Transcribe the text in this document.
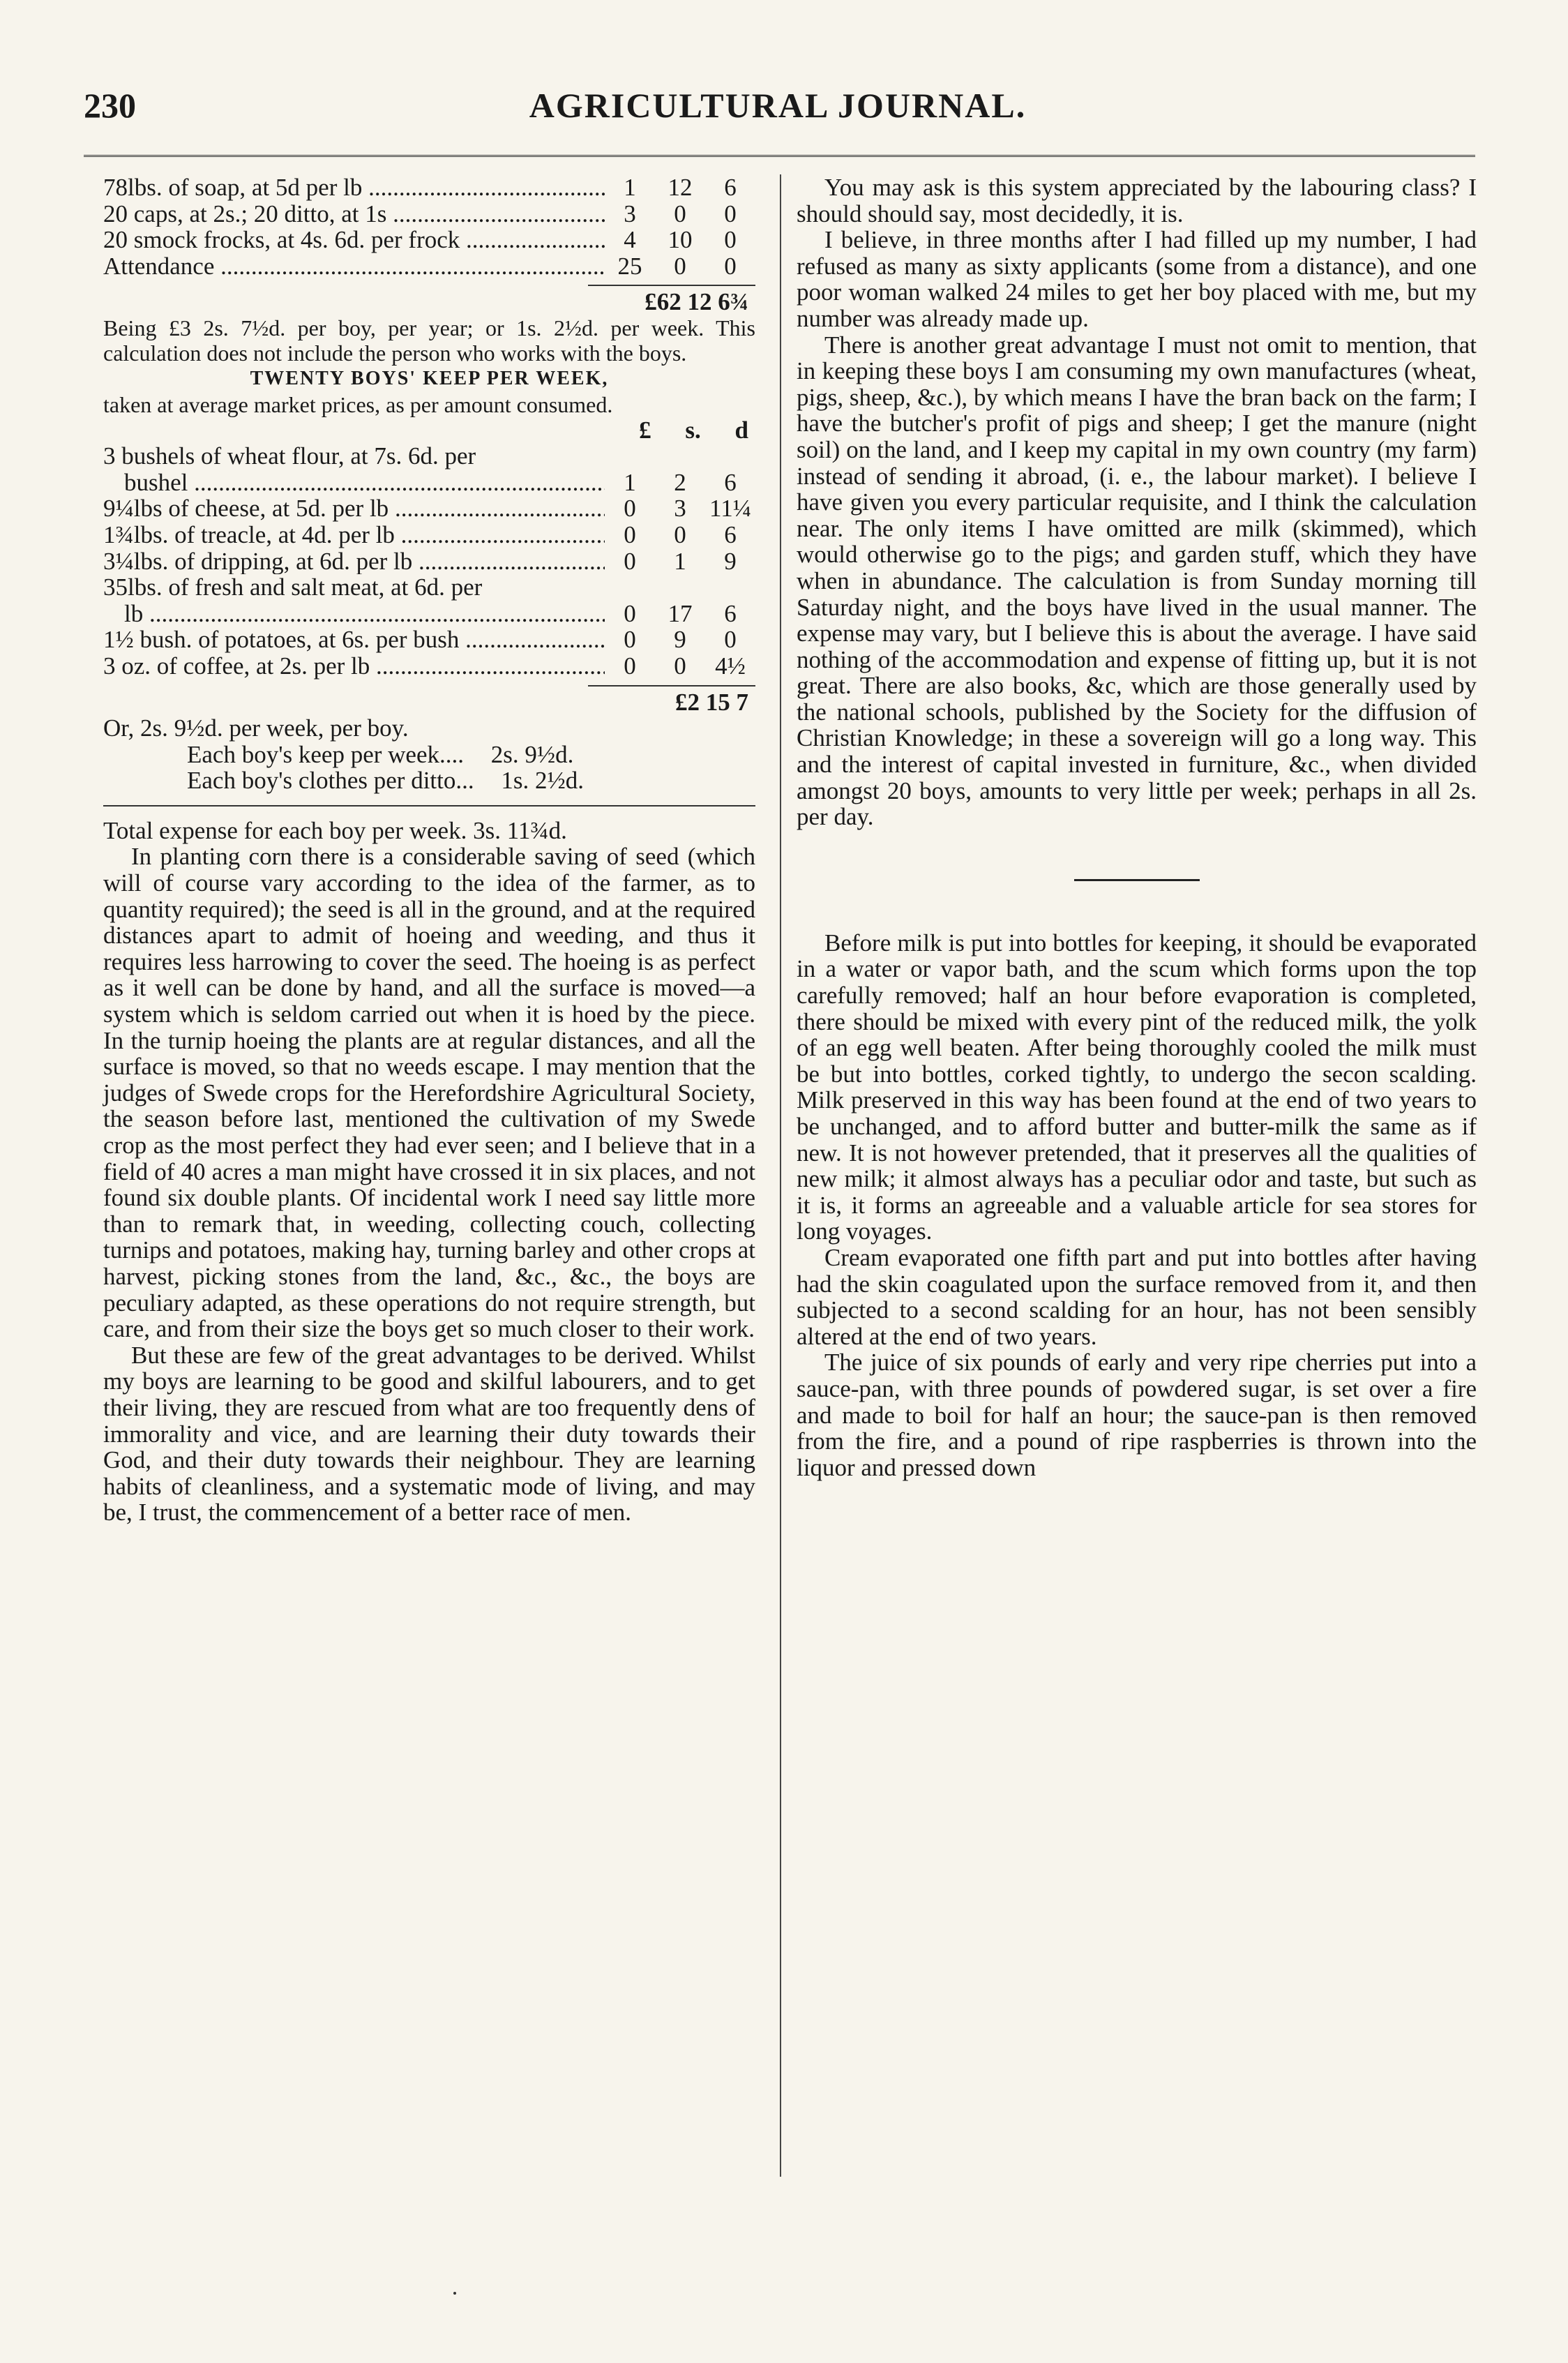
230	AGRICULTURAL JOURNAL.
78lbs. of soap, at 5d per lb .....	1	12	6
20 caps, at 2s.; 20 ditto, at 1s .....	3	0	0
20 smock frocks, at 4s. 6d. per frock .....	4	10	0
Attendance .....	25	0	0
£62 12 6¾
Being £3 2s. 7½d. per boy, per year; or 1s. 2½d. per week. This calculation does not include the person who works with the boys.
TWENTY BOYS' KEEP PER WEEK,
taken at average market prices, as per amount consumed.
£ s. d
3 bushels of wheat flour, at 7s. 6d. per
bushel .....	1	2	6
9¼lbs of cheese, at 5d. per lb .....	0	3 11¼
1¾lbs. of treacle, at 4d. per lb .....	0	0	6
3¼lbs. of dripping, at 6d. per lb .....	0	1	9
35lbs. of fresh and salt meat, at 6d. per
lb .....	0	17	6
1½ bush. of potatoes, at 6s. per bush .....	0	9	0
3 oz. of coffee, at 2s. per lb .....	0	0	4½
£2 15 7
Or, 2s. 9½d. per week, per boy.
Each boy's keep per week.... 2s. 9½d.
Each boy's clothes per ditto... 1s. 2½d.
Total expense for each boy per week. 3s. 11¾d.

In planting corn there is a considerable saving of seed (which will of course vary according to the idea of the farmer, as to quantity required); the seed is all in the ground, and at the required distances apart to admit of hoeing and weeding, and thus it requires less harrowing to cover the seed. The hoeing is as perfect as it well can be done by hand, and all the surface is moved—a system which is seldom carried out when it is hoed by the piece. In the turnip hoeing the plants are at regular distances, and all the surface is moved, so that no weeds escape. I may mention that the judges of Swede crops for the Herefordshire Agricultural Society, the season before last, mentioned the cultivation of my Swede crop as the most perfect they had ever seen; and I believe that in a field of 40 acres a man might have crossed it in six places, and not found six double plants. Of incidental work I need say little more than to remark that, in weeding, collecting couch, collecting turnips and potatoes, making hay, turning barley and other crops at harvest, picking stones from the land, &c., &c., the boys are peculiary adapted, as these operations do not require strength, but care, and from their size the boys get so much closer to their work.

But these are few of the great advantages to be derived. Whilst my boys are learning to be good and skilful labourers, and to get their living, they are rescued from what are too frequently dens of immorality and vice, and are learning their duty towards their God, and their duty towards their neighbour. They are learning habits of cleanliness, and a systematic mode of living, and may be, I trust, the commencement of a better race of men.

You may ask is this system appreciated by the labouring class? I should should say, most decidedly, it is.

I believe, in three months after I had filled up my number, I had refused as many as sixty applicants (some from a distance), and one poor woman walked 24 miles to get her boy placed with me, but my number was already made up.

There is another great advantage I must not omit to mention, that in keeping these boys I am consuming my own manufactures (wheat, pigs, sheep, &c.), by which means I have the bran back on the farm; I have the butcher's profit of pigs and sheep; I get the manure (night soil) on the land, and I keep my capital in my own country (my farm) instead of sending it abroad, (i. e., the labour market). I believe I have given you every particular requisite, and I think the calculation near. The only items I have omitted are milk (skimmed), which would otherwise go to the pigs; and garden stuff, which they have when in abundance. The calculation is from Sunday morning till Saturday night, and the boys have lived in the usual manner. The expense may vary, but I believe this is about the average. I have said nothing of the accommodation and expense of fitting up, but it is not great. There are also books, &c, which are those generally used by the national schools, published by the Society for the diffusion of Christian Knowledge; in these a sovereign will go a long way. This and the interest of capital invested in furniture, &c., when divided amongst 20 boys, amounts to very little per week; perhaps in all 2s. per day.

Before milk is put into bottles for keeping, it should be evaporated in a water or vapor bath, and the scum which forms upon the top carefully removed; half an hour before evaporation is completed, there should be mixed with every pint of the reduced milk, the yolk of an egg well beaten. After being thoroughly cooled the milk must be but into bottles, corked tightly, to undergo the secon scalding. Milk preserved in this way has been found at the end of two years to be unchanged, and to afford butter and butter-milk the same as if new. It is not however pretended, that it preserves all the qualities of new milk; it almost always has a peculiar odor and taste, but such as it is, it forms an agreeable and a valuable article for sea stores for long voyages.

Cream evaporated one fifth part and put into bottles after having had the skin coagulated upon the surface removed from it, and then subjected to a second scalding for an hour, has not been sensibly altered at the end of two years.

The juice of six pounds of early and very ripe cherries put into a sauce-pan, with three pounds of powdered sugar, is set over a fire and made to boil for half an hour; the sauce-pan is then removed from the fire, and a pound of ripe raspberries is thrown into the liquor and pressed down
